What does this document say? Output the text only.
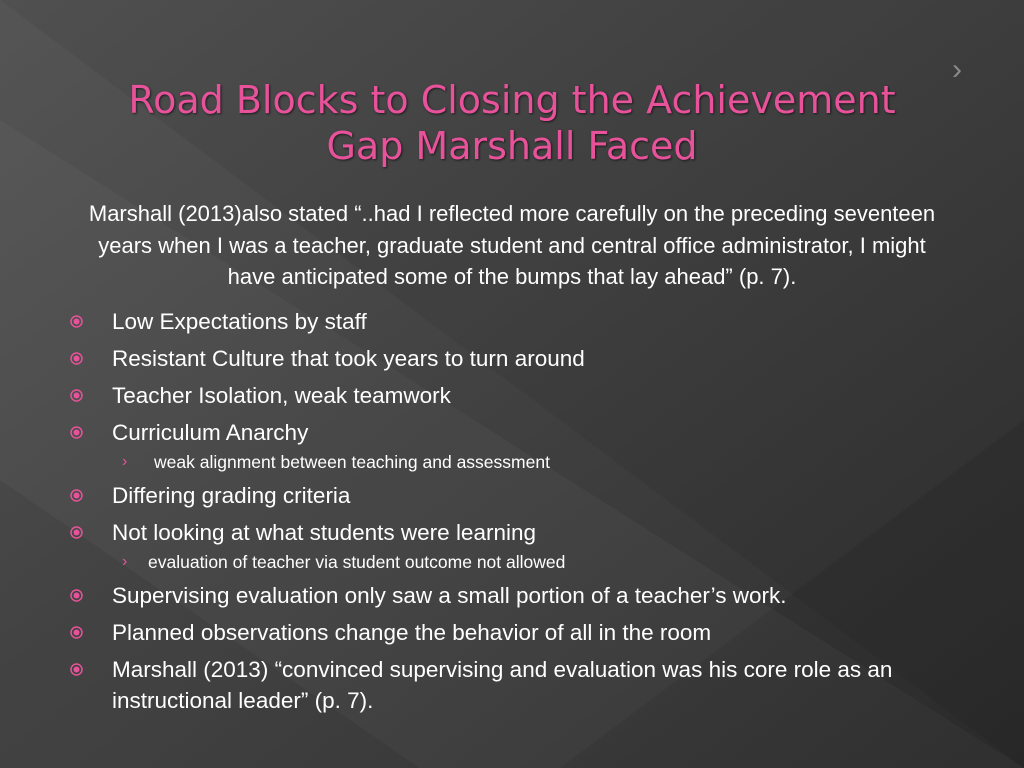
Road Blocks to Closing the Achievement
Gap Marshall Faced
›

Marshall (2013)also stated “..had I reflected more carefully on the preceding seventeen years when I was a teacher, graduate student and central office administrator, I might have anticipated some of the bumps that lay ahead” (p. 7).

Low Expectations by staff
Resistant Culture that took years to turn around
Teacher Isolation, weak teamwork
Curriculum Anarchy
› weak alignment between teaching and assessment
Differing grading criteria
Not looking at what students were learning
› evaluation of teacher via student outcome not allowed
Supervising evaluation only saw a small portion of a teacher’s work.
Planned observations change the behavior of all in the room
Marshall (2013) “convinced supervising and evaluation was his core role as an instructional leader” (p. 7).
